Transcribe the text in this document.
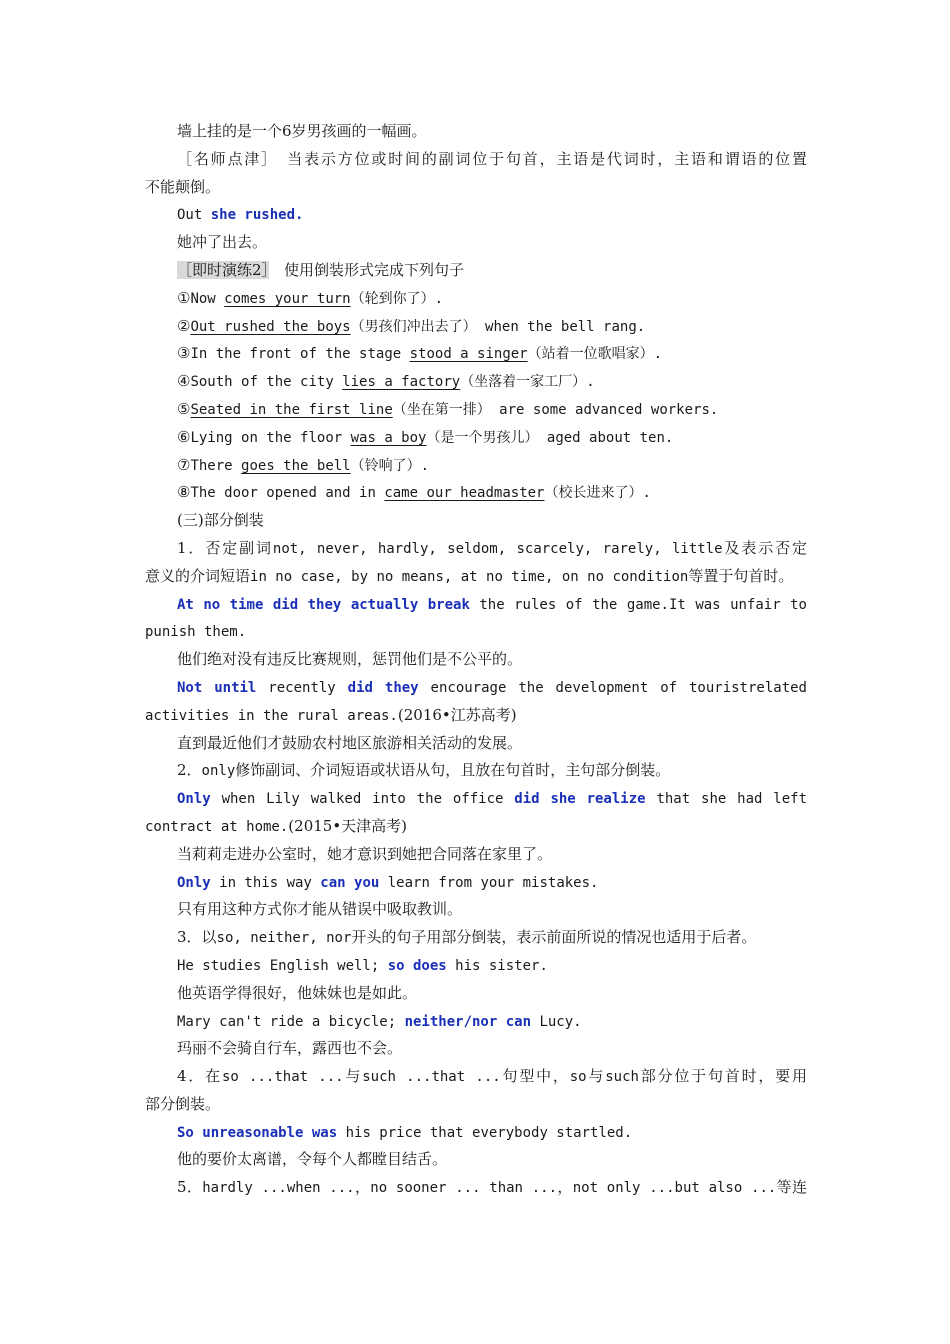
墙上挂的是一个6岁男孩画的一幅画。
［名师点津］　当表示方位或时间的副词位于句首，主语是代词时，主语和谓语的位置
不能颠倒。
Out she rushed.
她冲了出去。
［即时演练2］　使用倒装形式完成下列句子
①Now comes your turn（轮到你了）.
②Out rushed the boys（男孩们冲出去了） when the bell rang.
③In the front of the stage stood a singer（站着一位歌唱家）.
④South of the city lies a factory（坐落着一家工厂）.
⑤Seated in the first line（坐在第一排） are some advanced workers.
⑥Lying on the floor was a boy（是一个男孩儿） aged about ten.
⑦There goes the bell（铃响了）.
⑧The door opened and in came our headmaster（校长进来了）.
(三)部分倒装
1．否定副词not, never, hardly, seldom, scarcely, rarely, little及表示否定
意义的介词短语in no case, by no means, at no time, on no condition等置于句首时。
At no time did they actually break the rules of the game.It was unfair to
punish them.
他们绝对没有违反比赛规则，惩罚他们是不公平的。
Not until recently did they encourage the development of touristrelated
activities in the rural areas.(2016•江苏高考)
直到最近他们才鼓励农村地区旅游相关活动的发展。
2．only修饰副词、介词短语或状语从句，且放在句首时，主句部分倒装。
Only when Lily walked into the office did she realize that she had left
contract at home.(2015•天津高考)
当莉莉走进办公室时，她才意识到她把合同落在家里了。
Only in this way can you learn from your mistakes.
只有用这种方式你才能从错误中吸取教训。
3．以so, neither, nor开头的句子用部分倒装，表示前面所说的情况也适用于后者。
He studies English well; so does his sister.
他英语学得很好，他妹妹也是如此。
Mary can't ride a bicycle; neither/nor can Lucy.
玛丽不会骑自行车，露西也不会。
4．在so ...that ...与such ...that ...句型中，so与such部分位于句首时，要用
部分倒装。
So unreasonable was his price that everybody startled.
他的要价太离谱，令每个人都瞠目结舌。
5．hardly ...when ...，no sooner ... than ...，not only ...but also ...等连
